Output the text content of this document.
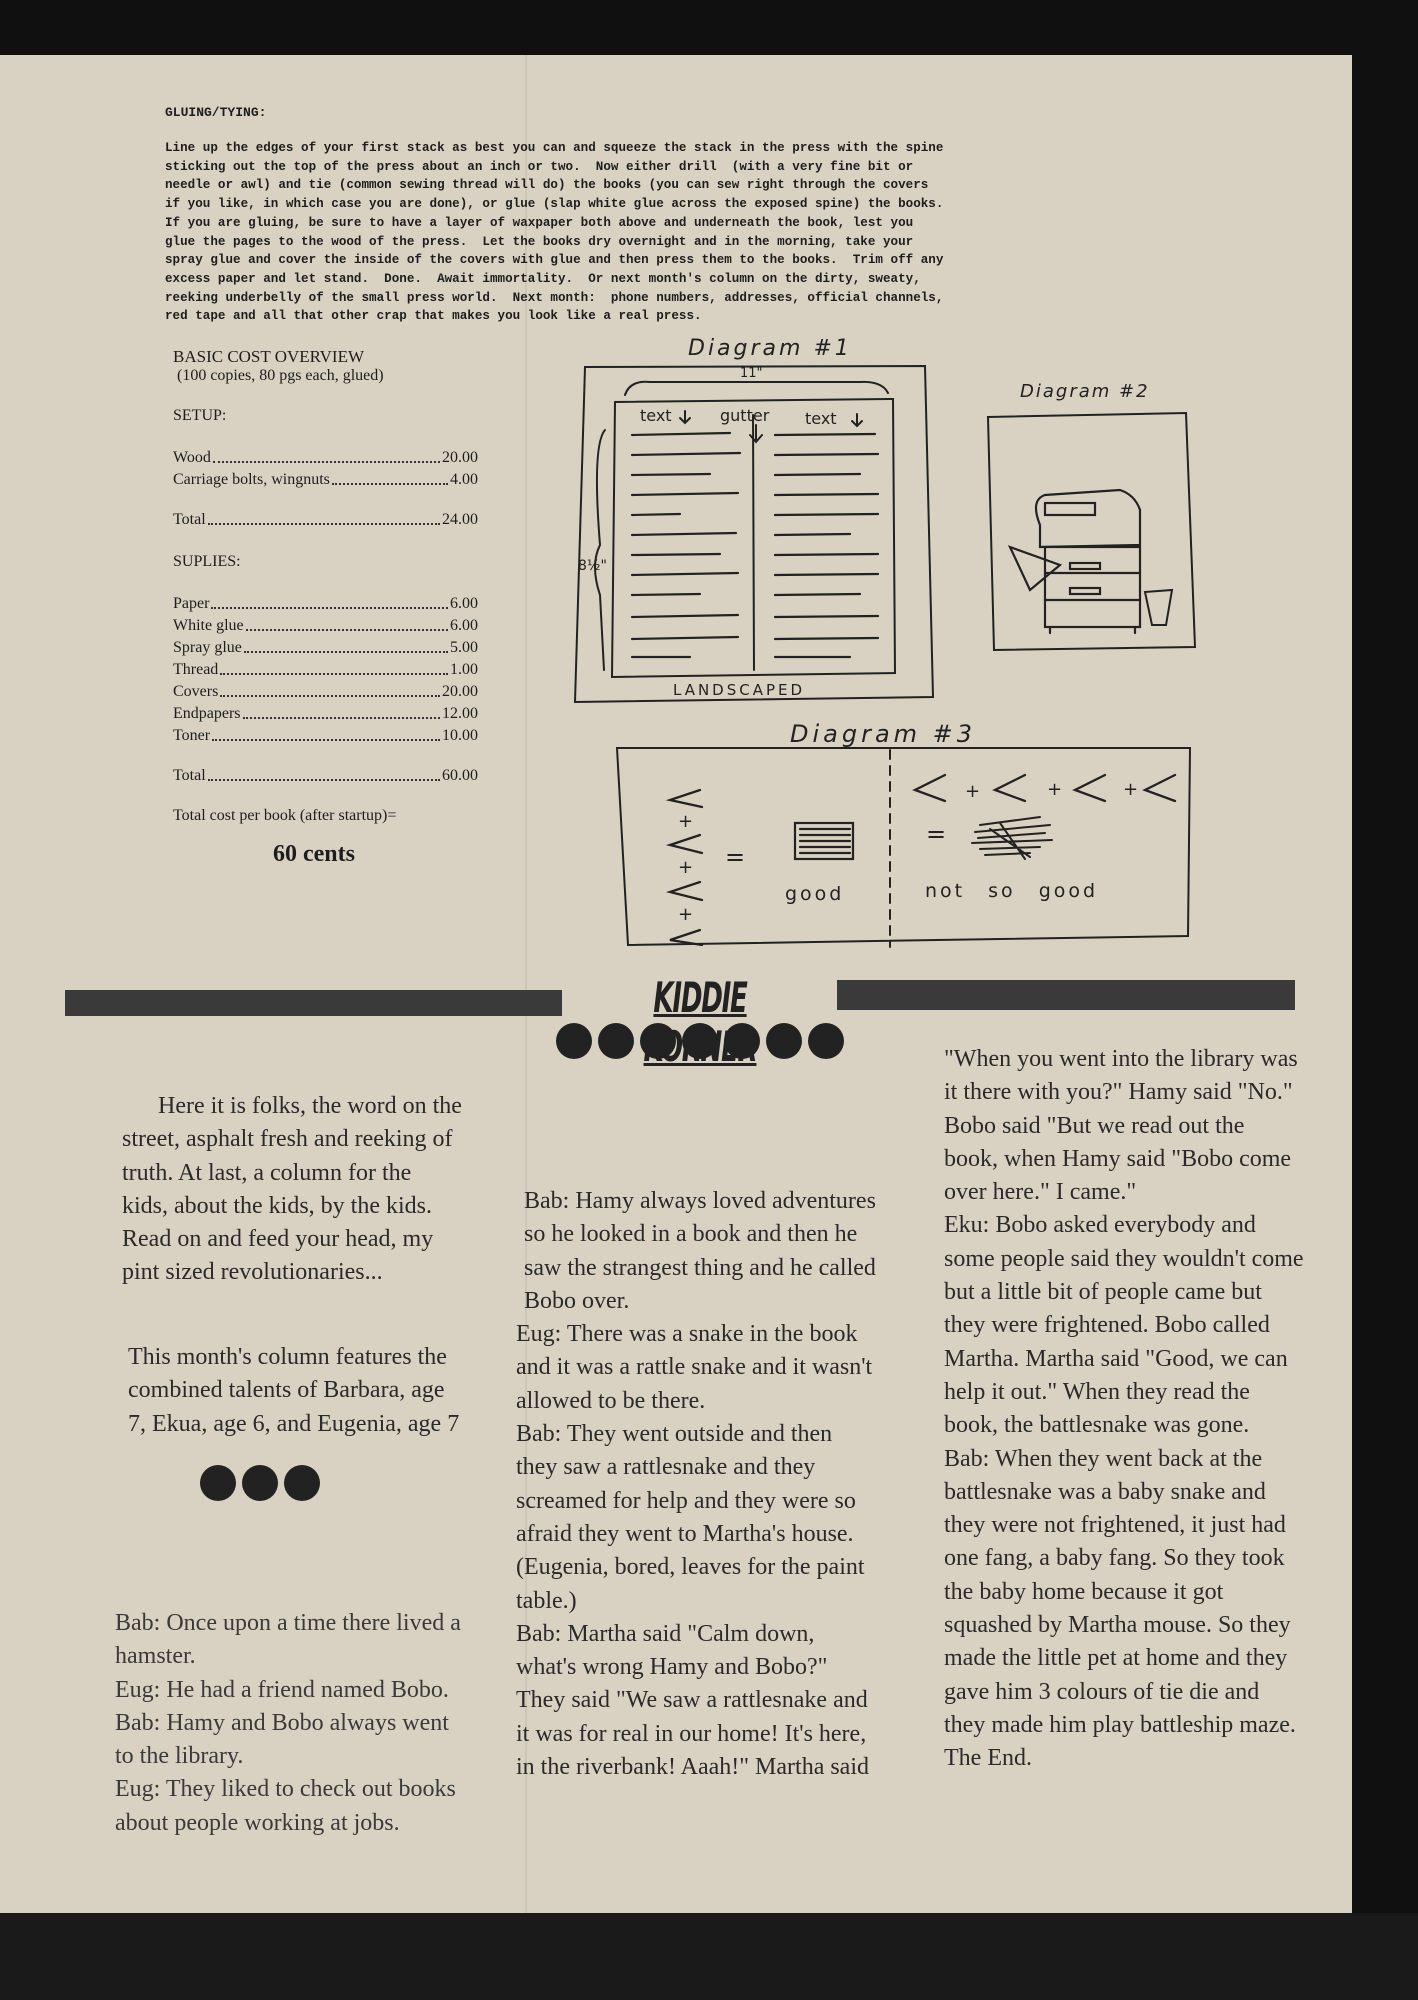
GLUING/TYING:
Line up the edges of your first stack as best you can and squeeze the stack in the press with the spine
sticking out the top of the press about an inch or two.  Now either drill  (with a very fine bit or
needle or awl) and tie (common sewing thread will do) the books (you can sew right through the covers
if you like, in which case you are done), or glue (slap white glue across the exposed spine) the books.
If you are gluing, be sure to have a layer of waxpaper both above and underneath the book, lest you
glue the pages to the wood of the press.  Let the books dry overnight and in the morning, take your
spray glue and cover the inside of the covers with glue and then press them to the books.  Trim off any
excess paper and let stand.  Done.  Await immortality.  Or next month's column on the dirty, sweaty,
reeking underbelly of the small press world.  Next month:  phone numbers, addresses, official channels,
red tape and all that other crap that makes you look like a real press.
BASIC COST OVERVIEW
(100 copies, 80 pgs each, glued)
SETUP:
Wood	20.00
Carriage bolts, wingnuts	4.00
Total	24.00
SUPLIES:
Paper	6.00
White glue	6.00
Spray glue	5.00
Thread	1.00
Covers	20.00
Endpapers	12.00
Toner	10.00
Total	60.00
Total cost per book (after startup)=
60 cents
Diagram #1
11"
8½"
text	gutter text
LANDSCAPED
Diagram #2
Diagram #3
+
+
+
=
good
+	+	+
=
not so good
KIDDIE

Here it is folks, the word on the street, asphalt fresh and reeking of truth. At last, a column for the kids, about the kids, by the kids. Read on and feed your head, my pint sized revolutionaries...

This month's column features the combined talents of Barbara, age 7, Ekua, age 6, and Eugenia, age 7

Bab: Once upon a time there lived a hamster.

Eug: He had a friend named Bobo.

Bab: Hamy and Bobo always went to the library.

Eug: They liked to check out books about people working at jobs.

Bab: Hamy always loved adventures so he looked in a book and then he saw the strangest thing and he called Bobo over.

Eug: There was a snake in the book and it was a rattle snake and it wasn't allowed to be there.

Bab: They went outside and then they saw a rattlesnake and they screamed for help and they were so afraid they went to Martha's house.

(Eugenia, bored, leaves for the paint table.)

Bab: Martha said "Calm down, what's wrong Hamy and Bobo?" They said "We saw a rattlesnake and it was for real in our home! It's here, in the riverbank! Aaah!" Martha said

"When you went into the library was it there with you?" Hamy said "No." Bobo said "But we read out the book, when Hamy said "Bobo come over here." I came."

Eku: Bobo asked everybody and some people said they wouldn't come but a little bit of people came but they were frightened. Bobo called Martha. Martha said "Good, we can help it out." When they read the book, the battlesnake was gone.

Bab: When they went back at the battlesnake was a baby snake and they were not frightened, it just had one fang, a baby fang. So they took the baby home because it got squashed by Martha mouse. So they made the little pet at home and they gave him 3 colours of tie die and they made him play battleship maze. The End.
